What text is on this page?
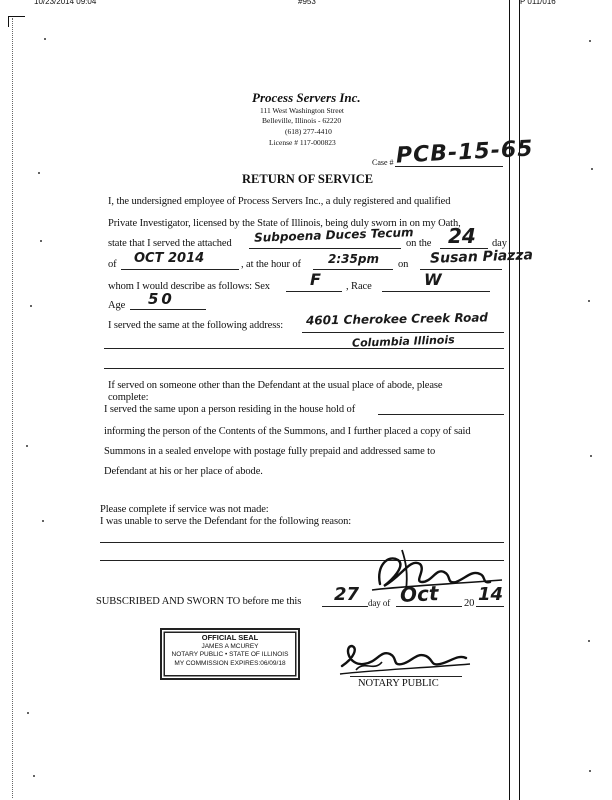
10/23/2014 09:04	#953	P 011/016
Process Servers Inc.
111 West Washington Street
Belleville, Illinois - 62220
(618) 277-4410
License # 117-000823
Case # PCB-15-65
RETURN OF SERVICE
I, the undersigned employee of Process Servers Inc., a duly registered and qualified
Private Investigator, licensed by the State of Illinois, being duly sworn in on my Oath,
state that I served the attached Subpoena Duces Tecum
on the 24 day
of OCT 2014	, at the hour of 2:35pm on Susan Piazza
whom I would describe as follows: Sex	F , Race	W
Age 50
I served the same at the following address: 4601 Cherokee Creek Road
Columbia Illinois
If served on someone other than the Defendant at the usual place of abode, please
complete:
I served the same upon a person residing in the house hold of
informing the person of the Contents of the Summons, and I further placed a copy of said
Summons in a sealed envelope with postage fully prepaid and addressed same to
Defendant at his or her place of abode.
Please complete if service was not made:
I was unable to serve the Defendant for the following reason:
SUBSCRIBED AND SWORN TO before me this 27 day of Oct 20 14
OFFICIAL SEAL
JAMES A MCUREY
NOTARY PUBLIC • STATE OF ILLINOIS
MY COMMISSION EXPIRES:06/09/18
NOTARY PUBLIC
